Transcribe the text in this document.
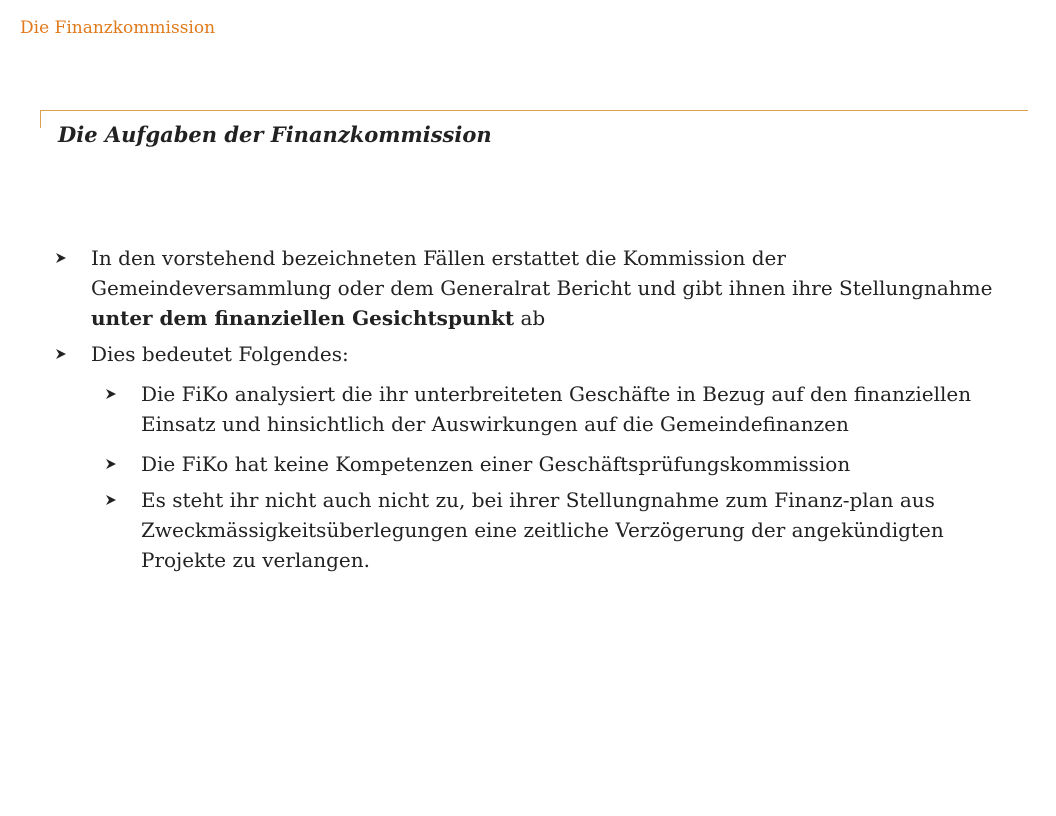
Die Finanzkommission
Die Aufgaben der Finanzkommission
In den vorstehend bezeichneten Fällen erstattet die Kommission der Gemeindeversammlung oder dem Generalrat Bericht und gibt ihnen ihre Stellungnahme unter dem finanziellen Gesichtspunkt ab
Dies bedeutet Folgendes:
Die FiKo analysiert die ihr unterbreiteten Geschäfte in Bezug auf den finanziellen Einsatz und hinsichtlich der Auswirkungen auf die Gemeindefinanzen
Die FiKo hat keine Kompetenzen einer Geschäftsprüfungskommission
Es steht ihr nicht auch nicht zu, bei ihrer Stellungnahme zum Finanz-plan aus Zweckmässigkeitsüberlegungen eine zeitliche Verzögerung der angekündigten Projekte zu verlangen.
